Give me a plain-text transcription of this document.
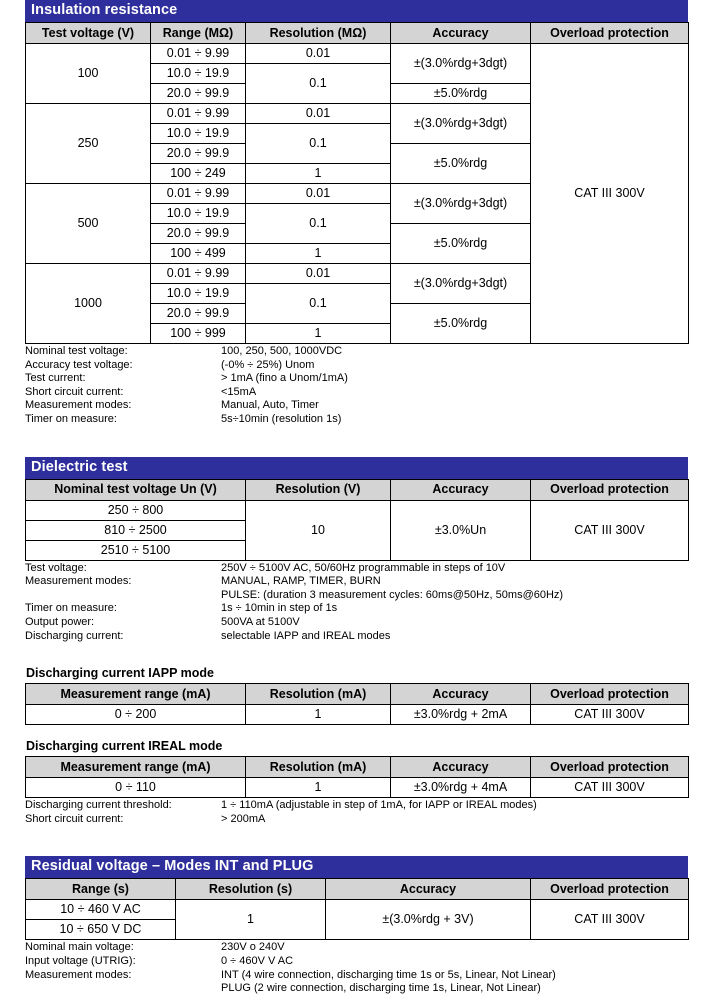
Insulation resistance
Test voltage (V)	Range (MΩ)	Resolution (MΩ)	Accuracy	Overload protection
100	0.01 ÷ 9.99	0.01	±(3.0%rdg+3dgt)	CAT III 300V
	10.0 ÷ 19.9	0.1		
	20.0 ÷ 99.9		±5.0%rdg	
250	0.01 ÷ 9.99	0.01	±(3.0%rdg+3dgt)	
	10.0 ÷ 19.9	0.1		
	20.0 ÷ 99.9		±5.0%rdg	
	100 ÷ 249	1		
500	0.01 ÷ 9.99	0.01	±(3.0%rdg+3dgt)	
	10.0 ÷ 19.9	0.1		
	20.0 ÷ 99.9		±5.0%rdg	
	100 ÷ 499	1		
1000	0.01 ÷ 9.99	0.01	±(3.0%rdg+3dgt)	
	10.0 ÷ 19.9	0.1		
	20.0 ÷ 99.9		±5.0%rdg	
	100 ÷ 999	1		
Nominal test voltage:	100, 250, 500, 1000VDC
Accuracy test voltage:	(-0% ÷ 25%) Unom
Test current:	> 1mA (fino a Unom/1mA)
Short circuit current:	<15mA
Measurement modes:	Manual, Auto, Timer
Timer on measure:	5s÷10min (resolution 1s)
Dielectric test
Nominal test voltage Un (V)	Resolution (V)	Accuracy	Overload protection
250 ÷ 800	10	±3.0%Un	CAT III 300V
810 ÷ 2500			
2510 ÷ 5100			
Test voltage:	250V ÷ 5100V AC, 50/60Hz programmable in steps of 10V
Measurement modes:	MANUAL, RAMP, TIMER, BURN
PULSE: (duration 3 measurement cycles: 60ms@50Hz, 50ms@60Hz)
Timer on measure:	1s ÷ 10min in step of 1s
Output power:	500VA at 5100V
Discharging current:	selectable IAPP and IREAL modes
Discharging current IAPP mode
Measurement range (mA)	Resolution (mA)	Accuracy	Overload protection
0 ÷ 200	1	±3.0%rdg + 2mA	CAT III 300V
Discharging current IREAL mode
Measurement range (mA)	Resolution (mA)	Accuracy	Overload protection
0 ÷ 110	1	±3.0%rdg + 4mA	CAT III 300V
Discharging current threshold:	1 ÷ 110mA (adjustable in step of 1mA, for IAPP or IREAL modes)
Short circuit current:	> 200mA
Residual voltage – Modes INT and PLUG
Range (s)	Resolution (s)	Accuracy	Overload protection
10 ÷ 460 V AC	1	±(3.0%rdg + 3V)	CAT III 300V
10 ÷ 650 V DC			
Nominal main voltage:	230V o 240V
Input voltage (UTRIG):	0 ÷ 460V V AC
Measurement modes:	INT (4 wire connection, discharging time 1s or 5s, Linear, Not Linear)
PLUG (2 wire connection, discharging time 1s, Linear, Not Linear)
